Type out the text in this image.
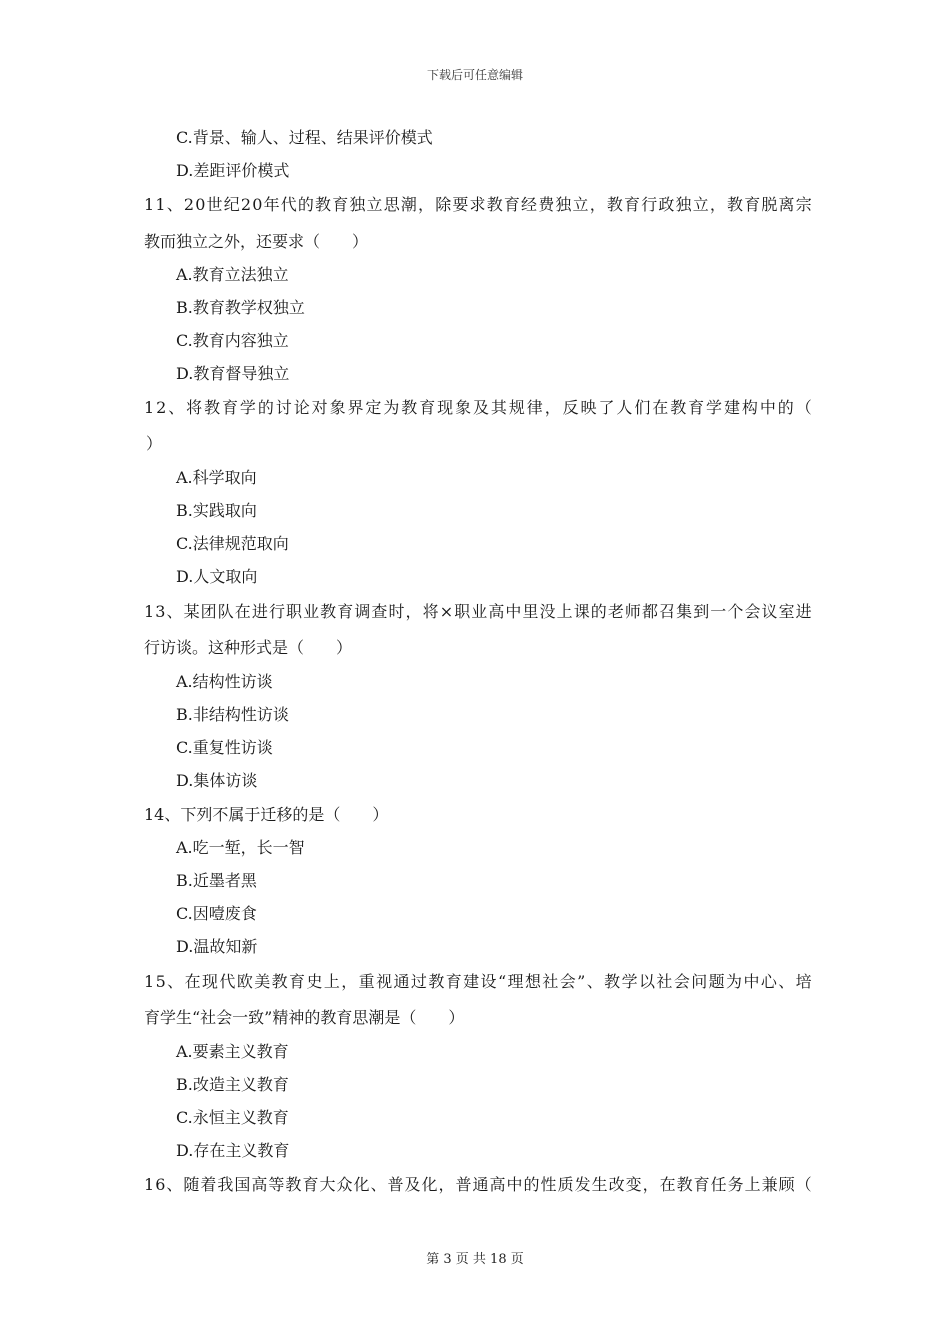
下载后可任意编辑
C.背景、输人、过程、结果评价模式
D.差距评价模式
11、20世纪20年代的教育独立思潮，除要求教育经费独立，教育行政独立，教育脱离宗
教而独立之外，还要求（　　）
A.教育立法独立
B.教育教学权独立
C.教育内容独立
D.教育督导独立
12、将教育学的讨论对象界定为教育现象及其规律，反映了人们在教育学建构中的（
）
A.科学取向
B.实践取向
C.法律规范取向
D.人文取向
13、某团队在进行职业教育调查时，将×职业高中里没上课的老师都召集到一个会议室进
行访谈。这种形式是（　　）
A.结构性访谈
B.非结构性访谈
C.重复性访谈
D.集体访谈
14、下列不属于迁移的是（　　）
A.吃一堑，长一智
B.近墨者黑
C.因噎废食
D.温故知新
15、在现代欧美教育史上，重视通过教育建设“理想社会”、教学以社会问题为中心、培
育学生“社会一致”精神的教育思潮是（　　）
A.要素主义教育
B.改造主义教育
C.永恒主义教育
D.存在主义教育
16、随着我国高等教育大众化、普及化，普通高中的性质发生改变，在教育任务上兼顾（
第 3 页 共 18 页
